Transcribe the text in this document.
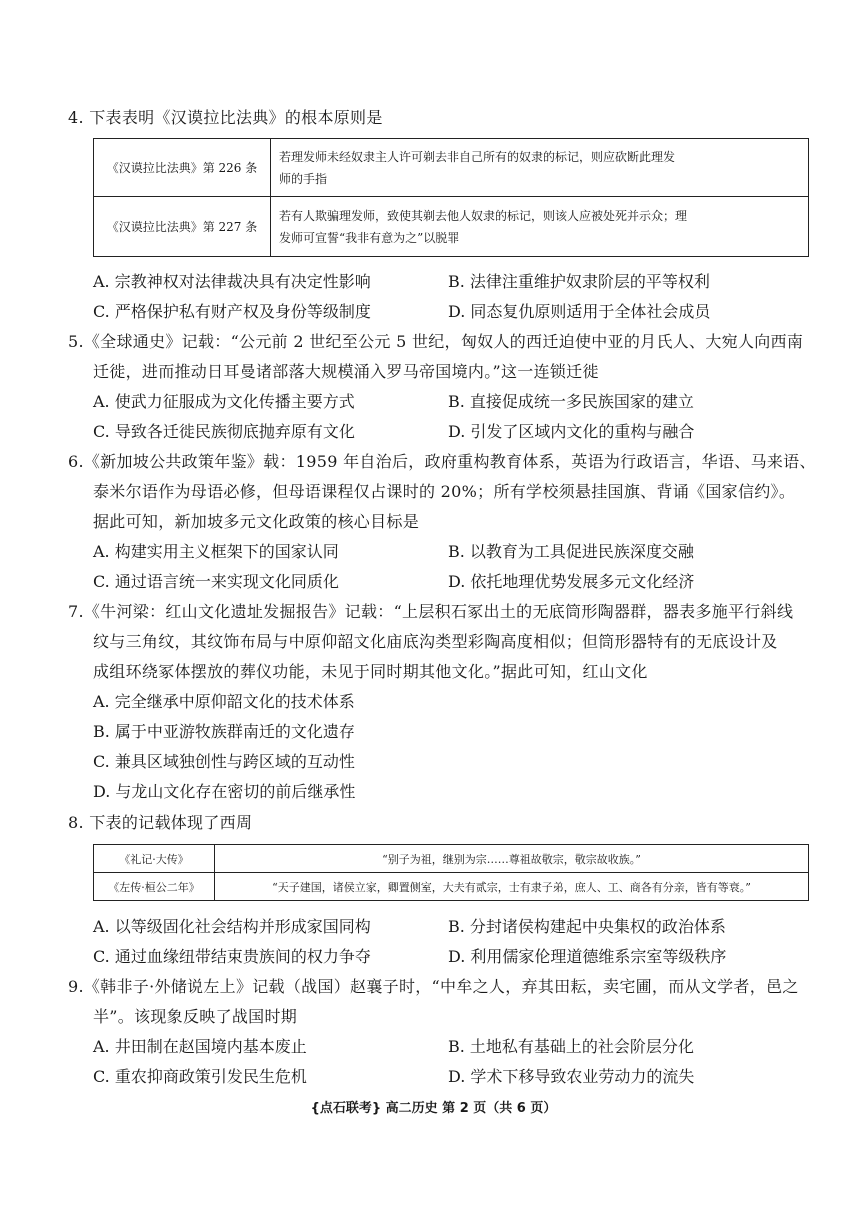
4. 下表表明《汉谟拉比法典》的根本原则是
《汉谟拉比法典》第 226 条	若理发师未经奴隶主人许可剃去非自己所有的奴隶的标记，则应砍断此理发
师的手指

《汉谟拉比法典》第 227 条	若有人欺骗理发师，致使其剃去他人奴隶的标记，则该人应被处死并示众；理
发师可宣誓“我非有意为之”以脱罪
A. 宗教神权对法律裁决具有决定性影响	B. 法律注重维护奴隶阶层的平等权利
C. 严格保护私有财产权及身份等级制度	D. 同态复仇原则适用于全体社会成员
5.《全球通史》记载：“公元前 2 世纪至公元 5 世纪，匈奴人的西迁迫使中亚的月氏人、大宛人向西南
迁徙，进而推动日耳曼诸部落大规模涌入罗马帝国境内。”这一连锁迁徙
A. 使武力征服成为文化传播主要方式	B. 直接促成统一多民族国家的建立
C. 导致各迁徙民族彻底抛弃原有文化	D. 引发了区域内文化的重构与融合
6.《新加坡公共政策年鉴》载：1959 年自治后，政府重构教育体系，英语为行政语言，华语、马来语、
泰米尔语作为母语必修，但母语课程仅占课时的 20%；所有学校须悬挂国旗、背诵《国家信约》。
据此可知，新加坡多元文化政策的核心目标是
A. 构建实用主义框架下的国家认同	B. 以教育为工具促进民族深度交融
C. 通过语言统一来实现文化同质化	D. 依托地理优势发展多元文化经济
7.《牛河梁：红山文化遗址发掘报告》记载：“上层积石冢出土的无底筒形陶器群，器表多施平行斜线
纹与三角纹，其纹饰布局与中原仰韶文化庙底沟类型彩陶高度相似；但筒形器特有的无底设计及
成组环绕冢体摆放的葬仪功能，未见于同时期其他文化。”据此可知，红山文化
A. 完全继承中原仰韶文化的技术体系
B. 属于中亚游牧族群南迁的文化遗存
C. 兼具区域独创性与跨区域的互动性
D. 与龙山文化存在密切的前后继承性
8. 下表的记载体现了西周
《礼记·大传》	“别子为祖，继别为宗……尊祖故敬宗，敬宗故收族。”
《左传·桓公二年》	“天子建国，诸侯立家，卿置侧室，大夫有贰宗，士有隶子弟，庶人、工、商各有分亲，皆有等衰。”
A. 以等级固化社会结构并形成家国同构	B. 分封诸侯构建起中央集权的政治体系
C. 通过血缘纽带结束贵族间的权力争夺	D. 利用儒家伦理道德维系宗室等级秩序
9.《韩非子·外储说左上》记载（战国）赵襄子时，“中牟之人，弃其田耘，卖宅圃，而从文学者，邑之
半”。该现象反映了战国时期
A. 井田制在赵国境内基本废止	B. 土地私有基础上的社会阶层分化
C. 重农抑商政策引发民生危机	D. 学术下移导致农业劳动力的流失
{点石联考} 高二历史 第 2 页（共 6 页）
